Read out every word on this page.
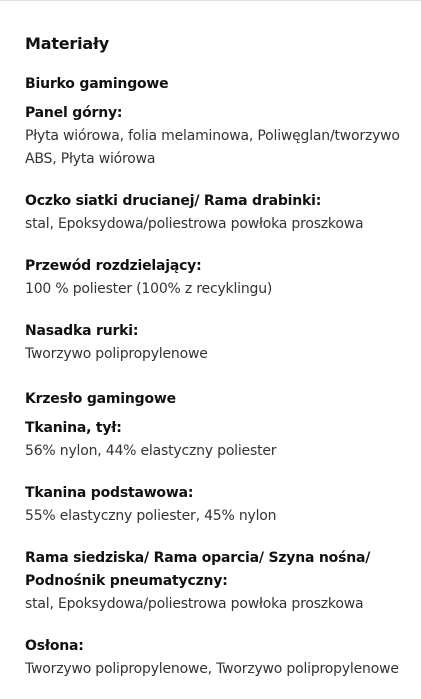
Materiały
Biurko gamingowe
Panel górny:
Płyta wiórowa, folia melaminowa, Poliwęglan/tworzywo ABS, Płyta wiórowa
Oczko siatki drucianej/ Rama drabinki:
stal, Epoksydowa/poliestrowa powłoka proszkowa
Przewód rozdzielający:
100 % poliester (100% z recyklingu)
Nasadka rurki:
Tworzywo polipropylenowe
Krzesło gamingowe
Tkanina, tył:
56% nylon, 44% elastyczny poliester
Tkanina podstawowa:
55% elastyczny poliester, 45% nylon
Rama siedziska/ Rama oparcia/ Szyna nośna/ Podnośnik pneumatyczny:
stal, Epoksydowa/poliestrowa powłoka proszkowa
Osłona:
Tworzywo polipropylenowe, Tworzywo polipropylenowe
